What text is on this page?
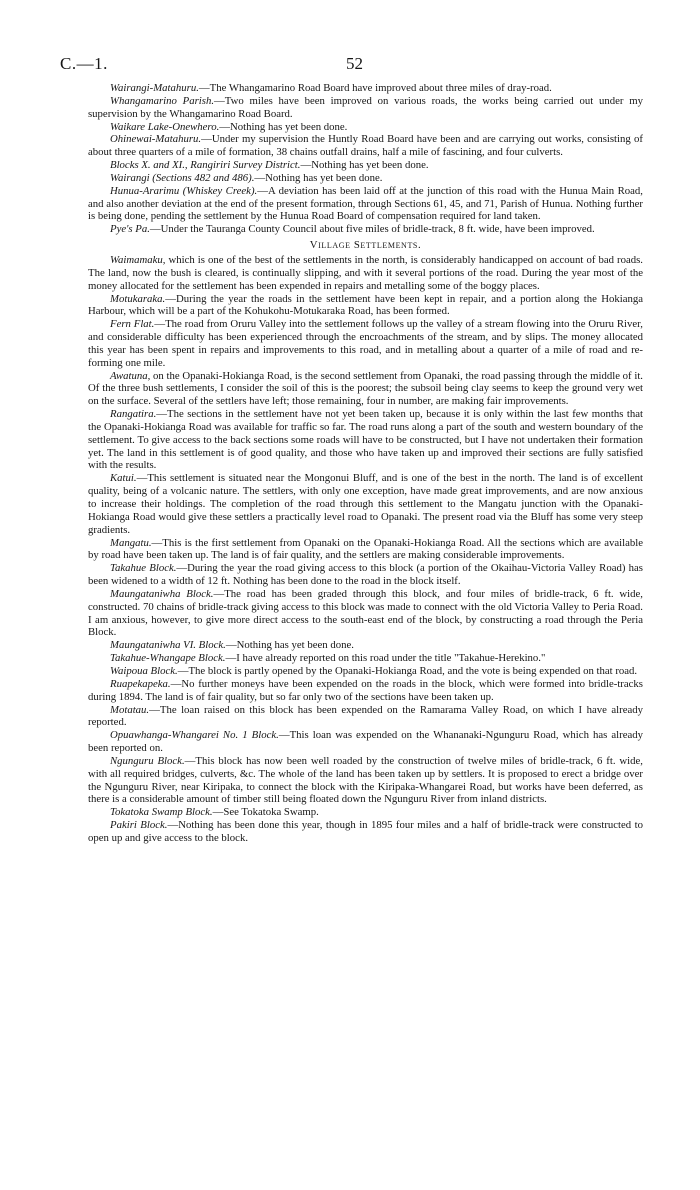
C.—1.	52

Wairangi-Matahuru.—The Whangamarino Road Board have improved about three miles of dray-road.

Whangamarino Parish.—Two miles have been improved on various roads, the works being carried out under my supervision by the Whangamarino Road Board.

Waikare Lake-Onewhero.—Nothing has yet been done.

Ohinewai-Matahuru.—Under my supervision the Huntly Road Board have been and are carrying out works, consisting of about three quarters of a mile of formation, 38 chains outfall drains, half a mile of fascining, and four culverts.

Blocks X. and XI., Rangiriri Survey District.—Nothing has yet been done.

Wairangi (Sections 482 and 486).—Nothing has yet been done.

Hunua-Ararimu (Whiskey Creek).—A deviation has been laid off at the junction of this road with the Hunua Main Road, and also another deviation at the end of the present formation, through Sections 61, 45, and 71, Parish of Hunua. Nothing further is being done, pending the settlement by the Hunua Road Board of compensation required for land taken.

Pye's Pa.—Under the Tauranga County Council about five miles of bridle-track, 8 ft. wide, have been improved.

Village Settlements.

Waimamaku, which is one of the best of the settlements in the north, is considerably handicapped on account of bad roads. The land, now the bush is cleared, is continually slipping, and with it several portions of the road. During the year most of the money allocated for the settlement has been expended in repairs and metalling some of the boggy places.

Motukaraka.—During the year the roads in the settlement have been kept in repair, and a portion along the Hokianga Harbour, which will be a part of the Kohukohu-Motukaraka Road, has been formed.

Fern Flat.—The road from Oruru Valley into the settlement follows up the valley of a stream flowing into the Oruru River, and considerable difficulty has been experienced through the encroachments of the stream, and by slips. The money allocated this year has been spent in repairs and improvements to this road, and in metalling about a quarter of a mile of road and re-forming one mile.

Awatuna, on the Opanaki-Hokianga Road, is the second settlement from Opanaki, the road passing through the middle of it. Of the three bush settlements, I consider the soil of this is the poorest; the subsoil being clay seems to keep the ground very wet on the surface. Several of the settlers have left; those remaining, four in number, are making fair improvements.

Rangatira.—The sections in the settlement have not yet been taken up, because it is only within the last few months that the Opanaki-Hokianga Road was available for traffic so far. The road runs along a part of the south and western boundary of the settlement. To give access to the back sections some roads will have to be constructed, but I have not undertaken their formation yet. The land in this settlement is of good quality, and those who have taken up and improved their sections are fully satisfied with the results.

Katui.—This settlement is situated near the Mongonui Bluff, and is one of the best in the north. The land is of excellent quality, being of a volcanic nature. The settlers, with only one exception, have made great improvements, and are now anxious to increase their holdings. The completion of the road through this settlement to the Mangatu junction with the Opanaki-Hokianga Road would give these settlers a practically level road to Opanaki. The present road via the Bluff has some very steep gradients.

Mangatu.—This is the first settlement from Opanaki on the Opanaki-Hokianga Road. All the sections which are available by road have been taken up. The land is of fair quality, and the settlers are making considerable improvements.

Takahue Block.—During the year the road giving access to this block (a portion of the Okaihau-Victoria Valley Road) has been widened to a width of 12 ft. Nothing has been done to the road in the block itself.

Maungataniwha Block.—The road has been graded through this block, and four miles of bridle-track, 6 ft. wide, constructed. 70 chains of bridle-track giving access to this block was made to connect with the old Victoria Valley to Peria Road. I am anxious, however, to give more direct access to the south-east end of the block, by constructing a road through the Peria Block.

Maungataniwha VI. Block.—Nothing has yet been done.

Takahue-Whangape Block.—I have already reported on this road under the title "Takahue-Herekino."

Waipoua Block.—The block is partly opened by the Opanaki-Hokianga Road, and the vote is being expended on that road.

Ruapekapeka.—No further moneys have been expended on the roads in the block, which were formed into bridle-tracks during 1894. The land is of fair quality, but so far only two of the sections have been taken up.

Motatau.—The loan raised on this block has been expended on the Ramarama Valley Road, on which I have already reported.

Opuawhanga-Whangarei No. 1 Block.—This loan was expended on the Whananaki-Ngunguru Road, which has already been reported on.

Ngunguru Block.—This block has now been well roaded by the construction of twelve miles of bridle-track, 6 ft. wide, with all required bridges, culverts, &c. The whole of the land has been taken up by settlers. It is proposed to erect a bridge over the Ngunguru River, near Kiripaka, to connect the block with the Kiripaka-Whangarei Road, but works have been deferred, as there is a considerable amount of timber still being floated down the Ngunguru River from inland districts.

Tokatoka Swamp Block.—See Tokatoka Swamp.

Pakiri Block.—Nothing has been done this year, though in 1895 four miles and a half of bridle-track were constructed to open up and give access to the block.
